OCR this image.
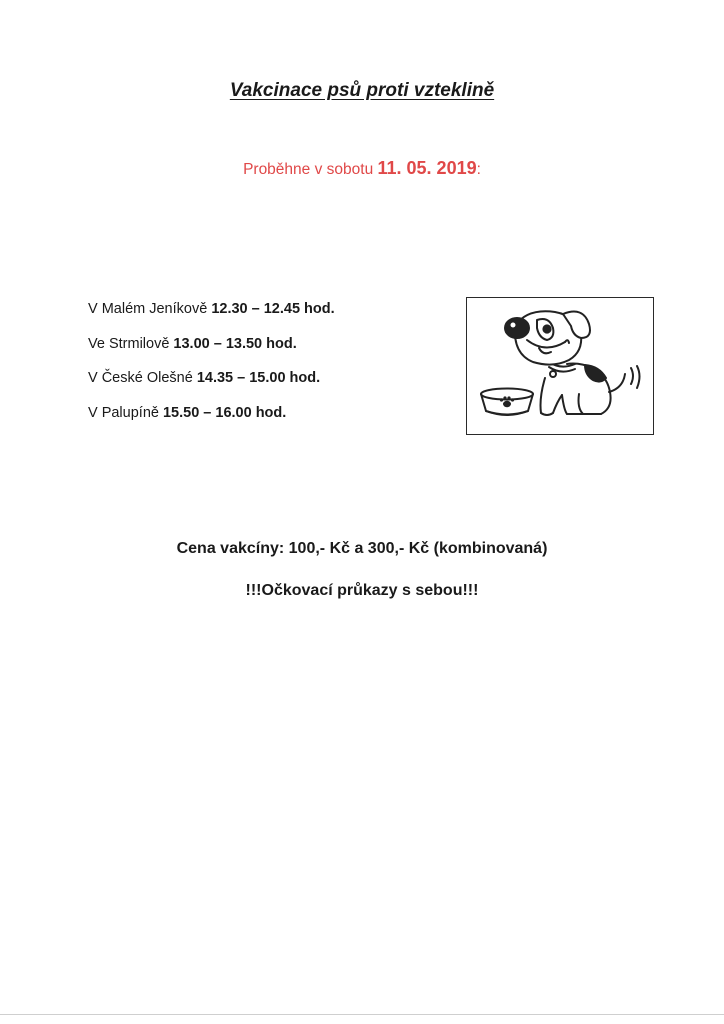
Vakcinace psů proti vzteklině
Proběhne v sobotu 11. 05. 2019:
V Malém Jeníkově 12.30 – 12.45 hod.
Ve Strmilově 13.00 – 13.50 hod.
V České Olešné 14.35 – 15.00 hod.
V Palupíně 15.50 – 16.00 hod.
Cena vakcíny: 100,- Kč a 300,- Kč (kombinovaná)
!!!Očkovací průkazy s sebou!!!
